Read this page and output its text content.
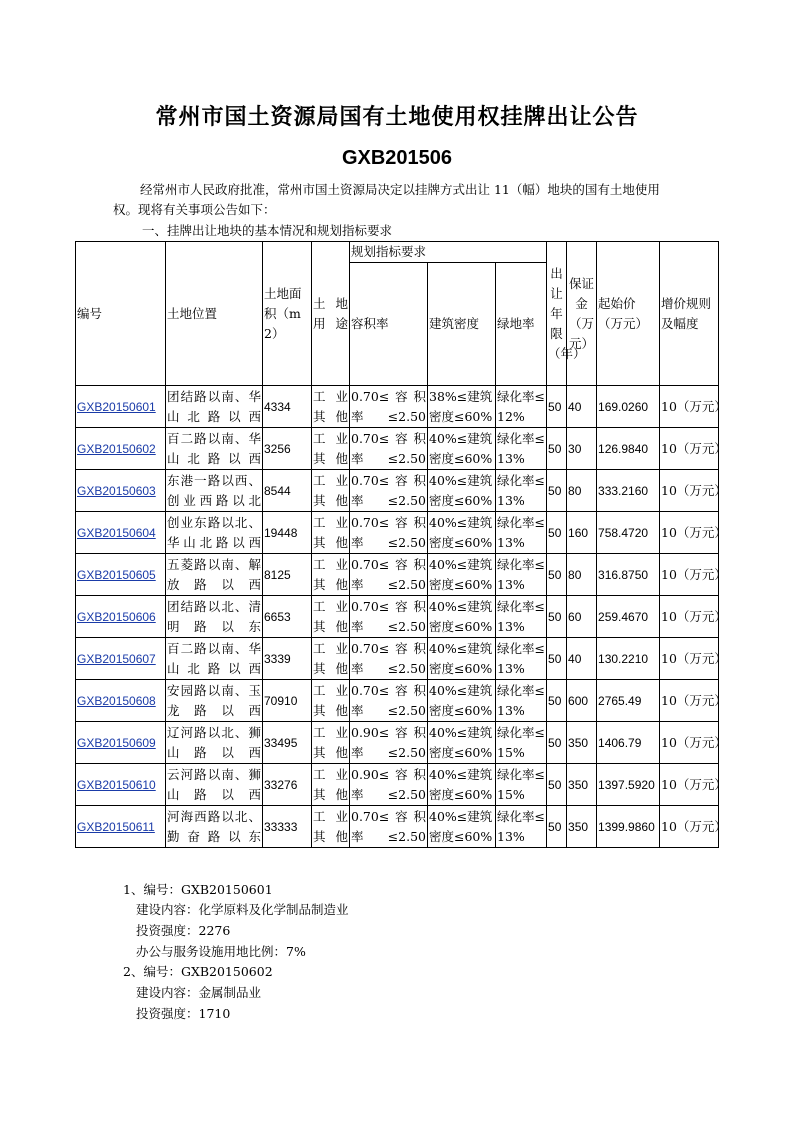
常州市国土资源局国有土地使用权挂牌出让公告
GXB201506
经常州市人民政府批准，常州市国土资源局决定以挂牌方式出让 11（幅）地块的国有土地使用权。现将有关事项公告如下：
一、挂牌出让地块的基本情况和规划指标要求
编号	土地位置	土地面积（m2）	土地用途	规划指标要求			出让年限（年）	保证金（万元）	起始价（万元）	增价规则及幅度
				容积率	建筑密度	绿地率				
GXB20150601	团结路以南、华山北路以西	4334	工业其他	0.70≤容积率≤2.50	38%≤建筑密度≤60%	绿化率≤12%	50	40	169.0260	10（万元）
GXB20150602	百二路以南、华山北路以西	3256	工业其他	0.70≤容积率≤2.50	40%≤建筑密度≤60%	绿化率≤13%	50	30	126.9840	10（万元）
GXB20150603	东港一路以西、创业西路以北	8544	工业其他	0.70≤容积率≤2.50	40%≤建筑密度≤60%	绿化率≤13%	50	80	333.2160	10（万元）
GXB20150604	创业东路以北、华山北路以西	19448	工业其他	0.70≤容积率≤2.50	40%≤建筑密度≤60%	绿化率≤13%	50	160	758.4720	10（万元）
GXB20150605	五菱路以南、解放路以西	8125	工业其他	0.70≤容积率≤2.50	40%≤建筑密度≤60%	绿化率≤13%	50	80	316.8750	10（万元）
GXB20150606	团结路以北、清明路以东	6653	工业其他	0.70≤容积率≤2.50	40%≤建筑密度≤60%	绿化率≤13%	50	60	259.4670	10（万元）
GXB20150607	百二路以南、华山北路以西	3339	工业其他	0.70≤容积率≤2.50	40%≤建筑密度≤60%	绿化率≤13%	50	40	130.2210	10（万元）
GXB20150608	安园路以南、玉龙路以西	70910	工业其他	0.70≤容积率≤2.50	40%≤建筑密度≤60%	绿化率≤13%	50	600	2765.49	10（万元）
GXB20150609	辽河路以北、狮山路以西	33495	工业其他	0.90≤容积率≤2.50	40%≤建筑密度≤60%	绿化率≤15%	50	350	1406.79	10（万元）
GXB20150610	云河路以南、狮山路以西	33276	工业其他	0.90≤容积率≤2.50	40%≤建筑密度≤60%	绿化率≤15%	50	350	1397.5920	10（万元）
GXB20150611	河海西路以北、勤奋路以东	33333	工业其他	0.70≤容积率≤2.50	40%≤建筑密度≤60%	绿化率≤13%	50	350	1399.9860	10（万元）
1、编号：GXB20150601
建设内容：化学原料及化学制品制造业
投资强度：2276
办公与服务设施用地比例：7%
2、编号：GXB20150602
建设内容：金属制品业
投资强度：1710
